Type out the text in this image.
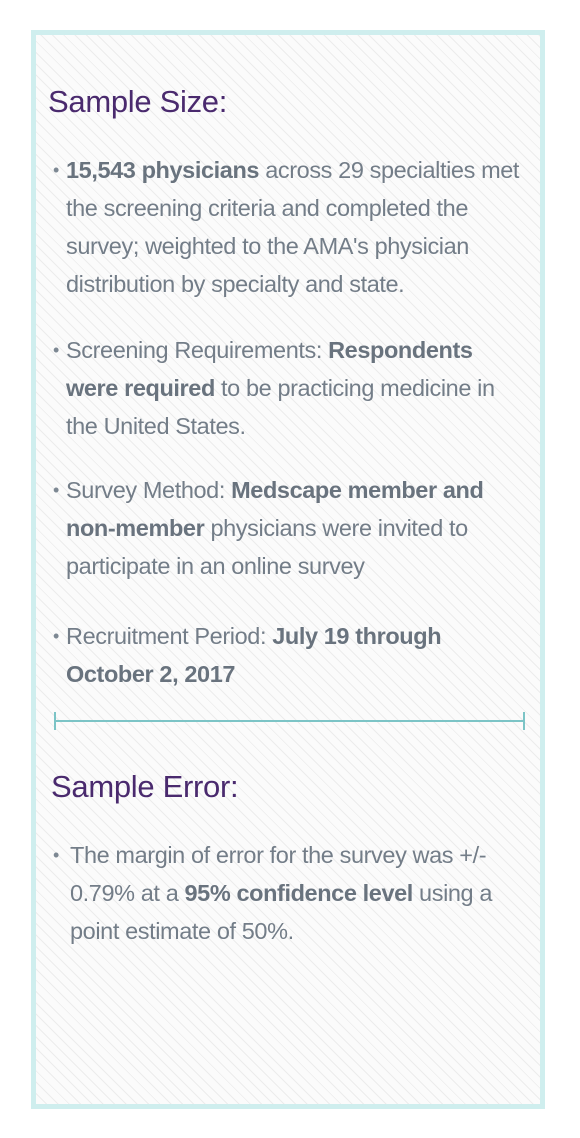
Sample Size:
• 15,543 physicians across 29 specialties met the screening criteria and completed the survey; weighted to the AMA's physician distribution by specialty and state.
• Screening Requirements: Respondents were required to be practicing medicine in the United States.
• Survey Method: Medscape member and non-member physicians were invited to participate in an online survey
• Recruitment Period: July 19 through October 2, 2017
Sample Error:
• The margin of error for the survey was +/- 0.79% at a 95% confidence level using a point estimate of 50%.
